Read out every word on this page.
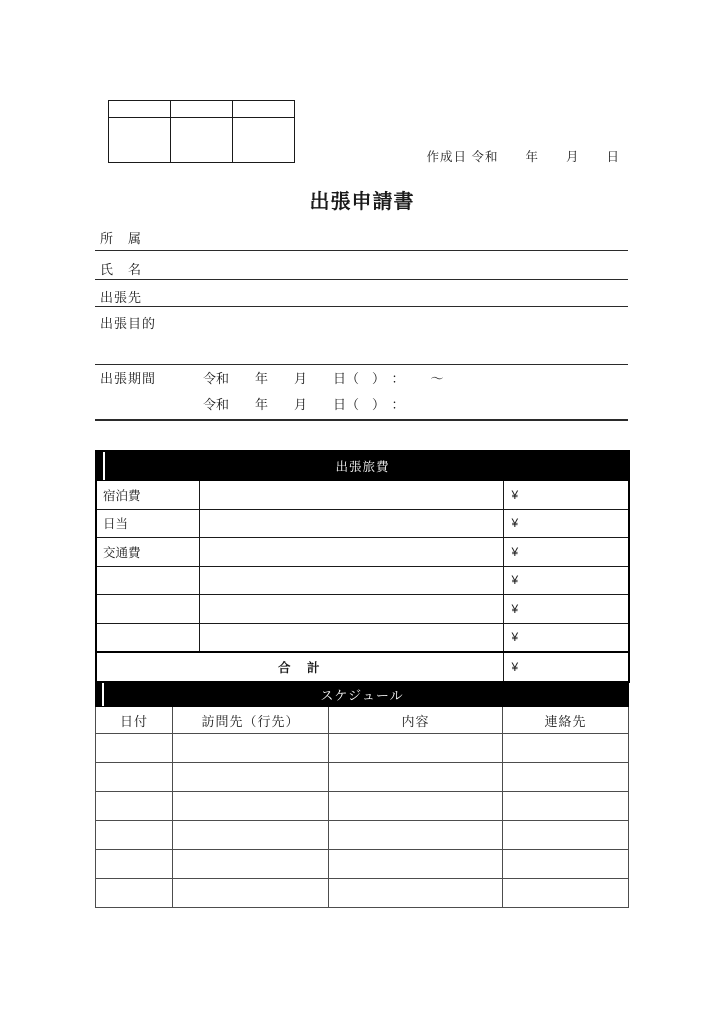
作成日 令和　　年　　月　　日
出張申請書
所　属
氏　名
出張先
出張目的
出張期間	令和　　年　　月　　日（　）　： ～
令和　　年　　月　　日（　）　：
出張旅費		
宿泊費		¥
日当		¥
交通費		¥
		¥
		¥
		¥
合　計		¥
スケジュール			
日付	訪問先（行先）	内容	連絡先
